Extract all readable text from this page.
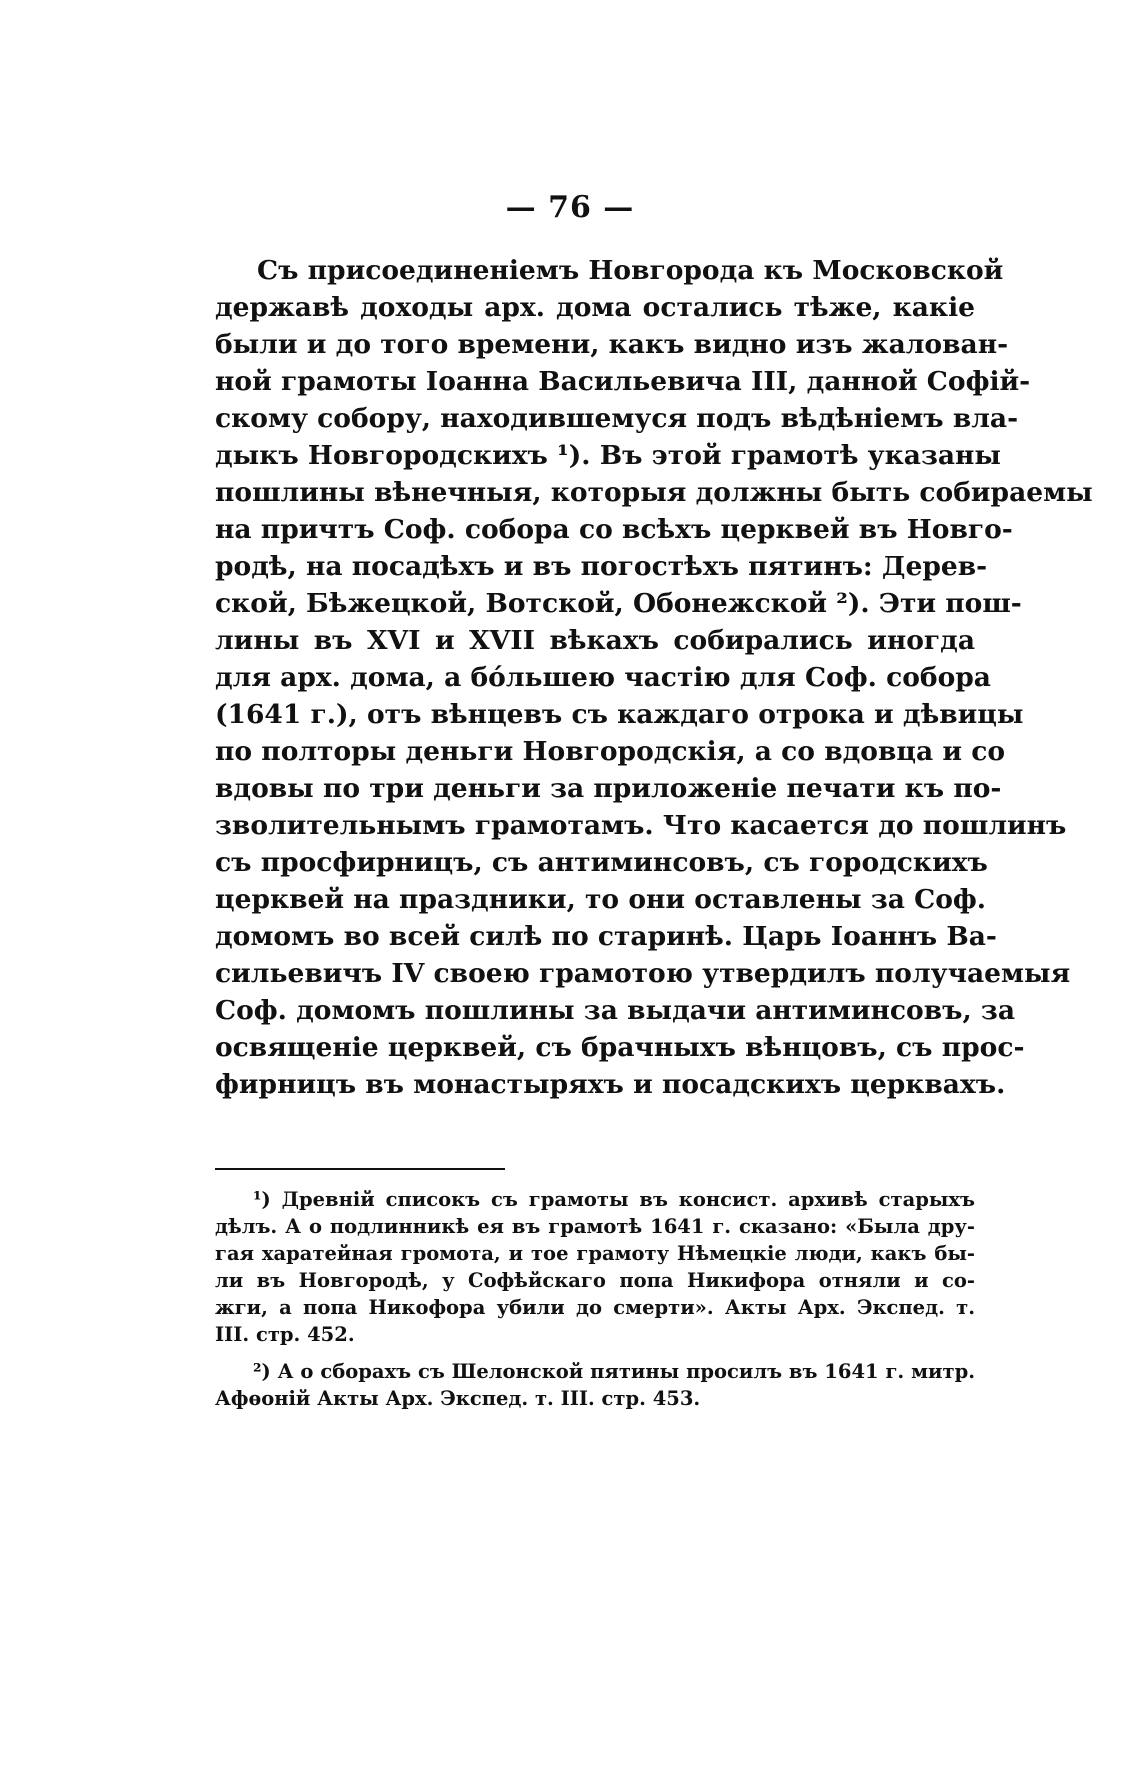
— 76 —
Съ присоединеніемъ Новгорода къ Московской
державѣ доходы арх. дома остались тѣже, какіе
были и до того времени, какъ видно изъ жалован-
ной грамоты Іоанна Васильевича III, данной Софій-
скому собору, находившемуся подъ вѣдѣніемъ вла-
дыкъ Новгородскихъ ¹). Въ этой грамотѣ указаны
пошлины вѣнечныя, которыя должны быть собираемы
на причтъ Соф. собора со всѣхъ церквей въ Новго-
родѣ, на посадѣхъ и въ погостѣхъ пятинъ: Дерев-
ской, Бѣжецкой, Вотской, Обонежской ²). Эти пош-
лины въ XVI и XVII вѣкахъ собирались иногда
для арх. дома, а бо́льшею частію для Соф. собора
(1641 г.), отъ вѣнцевъ съ каждаго отрока и дѣвицы
по полторы деньги Новгородскія, а со вдовца и со
вдовы по три деньги за приложеніе печати къ по-
зволительнымъ грамотамъ. Что касается до пошлинъ
съ просфирницъ, съ антиминсовъ, съ городскихъ
церквей на праздники, то они оставлены за Соф.
домомъ во всей силѣ по старинѣ. Царь Іоаннъ Ва-
сильевичъ IV своею грамотою утвердилъ получаемыя
Соф. домомъ пошлины за выдачи антиминсовъ, за
освященіе церквей, съ брачныхъ вѣнцовъ, съ прос-
фирницъ въ монастыряхъ и посадскихъ церквахъ.
¹) Древній списокъ съ грамоты въ консист. архивѣ старыхъ
дѣлъ. А о подлинникѣ ея въ грамотѣ 1641 г. сказано: «Была дру-
гая харатейная громота, и тое грамоту Нѣмецкіе люди, какъ бы-
ли въ Новгородѣ, у Софѣйскаго попа Никифора отняли и со-
жги, а попа Никофора убили до смерти». Акты Арх. Экспед. т.
III. стр. 452.
²) А о сборахъ съ Шелонской пятины просилъ въ 1641 г. митр.
Афѳоній Акты Арх. Экспед. т. III. стр. 453.
